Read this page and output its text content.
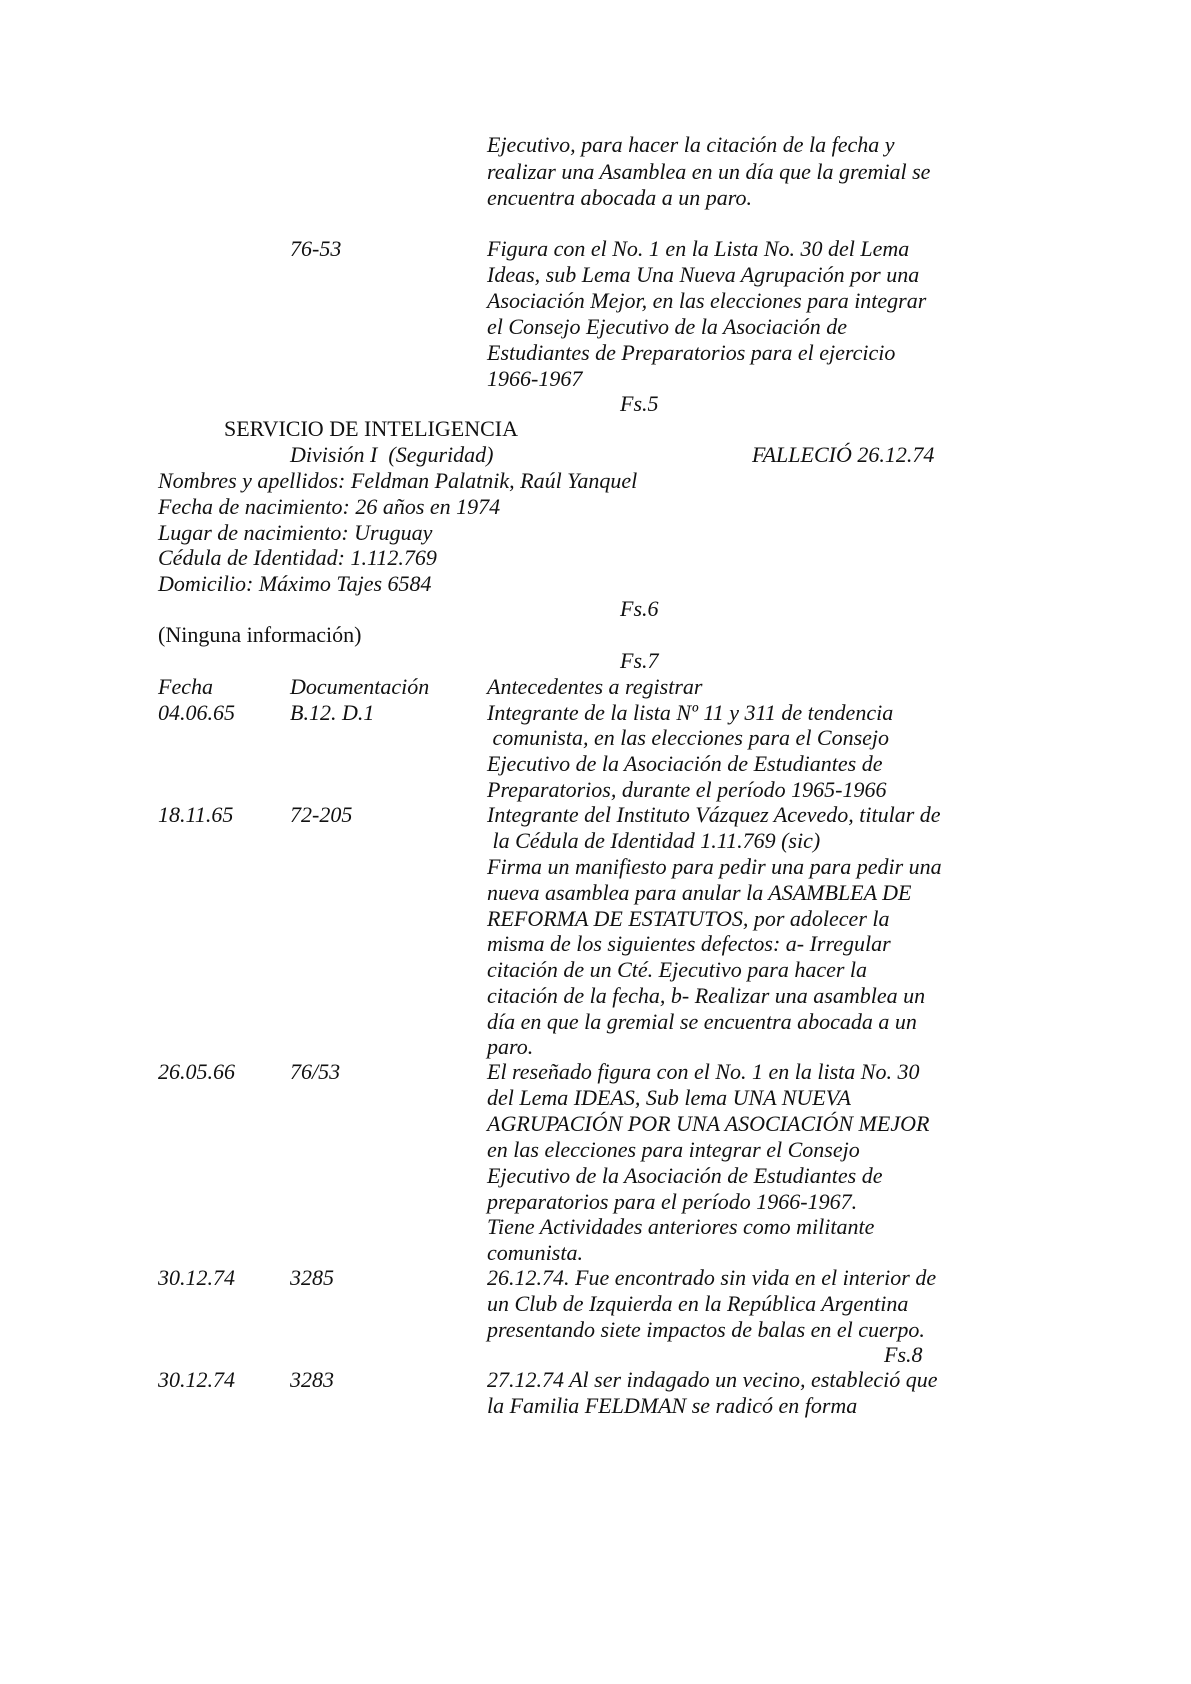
Ejecutivo, para hacer la citación de la fecha y

realizar una Asamblea en un día que la gremial se

encuentra abocada a un paro.

76-53	Figura con el No. 1 en la Lista No. 30 del Lema

Ideas, sub Lema Una Nueva Agrupación por una

Asociación Mejor, en las elecciones para integrar

el Consejo Ejecutivo de la Asociación de

Estudiantes de Preparatorios para el ejercicio

1966-1967

Fs.5

SERVICIO DE INTELIGENCIA

División I  (Seguridad)	FALLECIÓ 26.12.74

Nombres y apellidos: Feldman Palatnik, Raúl Yanquel

Fecha de nacimiento: 26 años en 1974

Lugar de nacimiento: Uruguay

Cédula de Identidad: 1.112.769

Domicilio: Máximo Tajes 6584

Fs.6

(Ninguna información)

Fs.7

Fecha	Documentación	Antecedentes a registrar

04.06.65	B.12. D.1	Integrante de la lista Nº 11 y 311 de tendencia

comunista, en las elecciones para el Consejo

Ejecutivo de la Asociación de Estudiantes de

Preparatorios, durante el período 1965-1966

18.11.65	72-205	Integrante del Instituto Vázquez Acevedo, titular de

la Cédula de Identidad 1.11.769 (sic)

Firma un manifiesto para pedir una para pedir una

nueva asamblea para anular la ASAMBLEA DE

REFORMA DE ESTATUTOS, por adolecer la

misma de los siguientes defectos: a- Irregular

citación de un Cté. Ejecutivo para hacer la

citación de la fecha, b- Realizar una asamblea un

día en que la gremial se encuentra abocada a un

paro.

26.05.66	76/53	El reseñado figura con el No. 1 en la lista No. 30

del Lema IDEAS, Sub lema UNA NUEVA

AGRUPACIÓN POR UNA ASOCIACIÓN MEJOR

en las elecciones para integrar el Consejo

Ejecutivo de la Asociación de Estudiantes de

preparatorios para el período 1966-1967.

Tiene Actividades anteriores como militante

comunista.

30.12.74	3285	26.12.74. Fue encontrado sin vida en el interior de

un Club de Izquierda en la República Argentina

presentando siete impactos de balas en el cuerpo.

Fs.8

30.12.74	3283	27.12.74 Al ser indagado un vecino, estableció que

la Familia FELDMAN se radicó en forma
